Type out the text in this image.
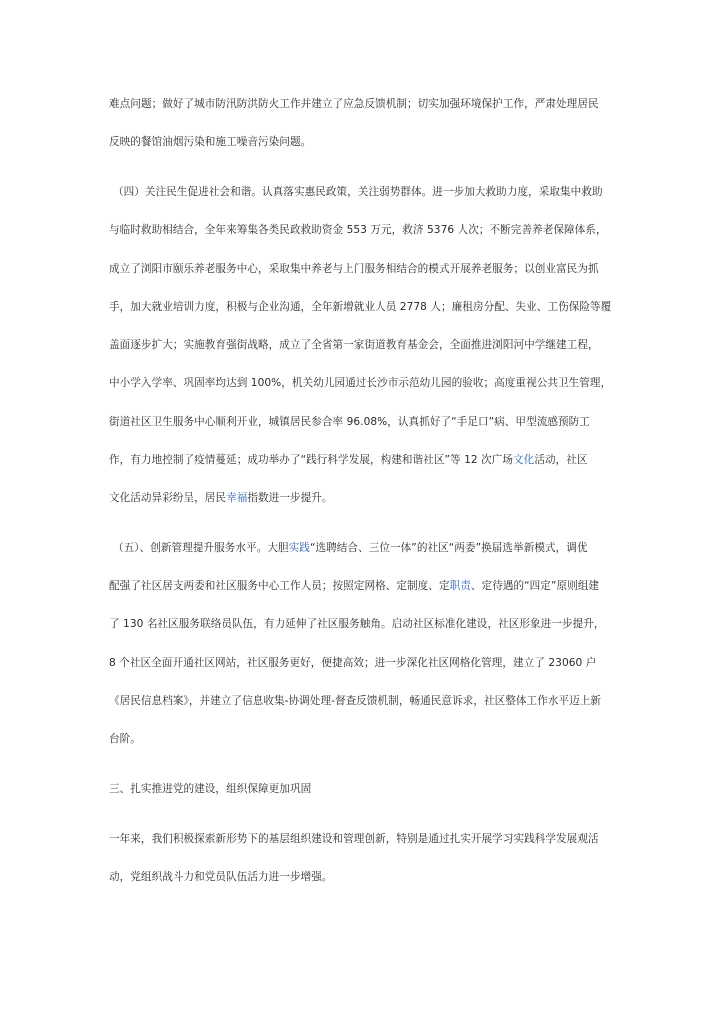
难点问题；做好了城市防汛防洪防火工作并建立了应急反馈机制；切实加强环境保护工作，严肃处理居民
反映的餐馆油烟污染和施工噪音污染问题。
（四）关注民生促进社会和谐。认真落实惠民政策，关注弱势群体。进一步加大救助力度，采取集中救助
与临时救助相结合，全年来筹集各类民政救助资金 553 万元，救济 5376 人次；不断完善养老保障体系，
成立了浏阳市颐乐养老服务中心，采取集中养老与上门服务相结合的模式开展养老服务；以创业富民为抓
手，加大就业培训力度，积极与企业沟通，全年新增就业人员 2778 人；廉租房分配、失业、工伤保险等覆
盖面逐步扩大；实施教育强街战略，成立了全省第一家街道教育基金会，全面推进浏阳河中学继建工程，
中小学入学率、巩固率均达到 100%，机关幼儿园通过长沙市示范幼儿园的验收；高度重视公共卫生管理，
街道社区卫生服务中心顺利开业，城镇居民参合率 96.08%，认真抓好了“手足口”病、甲型流感预防工
作，有力地控制了疫情蔓延；成功举办了“践行科学发展，构建和谐社区”等 12 次广场文化活动，社区
文化活动异彩纷呈，居民幸福指数进一步提升。
（五）、创新管理提升服务水平。大胆实践“选聘结合、三位一体”的社区“两委”换届选举新模式，调优
配强了社区居支两委和社区服务中心工作人员；按照定网格、定制度、定职责、定待遇的“四定”原则组建
了 130 名社区服务联络员队伍，有力延伸了社区服务触角。启动社区标准化建设，社区形象进一步提升，
8 个社区全面开通社区网站，社区服务更好，便捷高效；进一步深化社区网格化管理，建立了 23060 户
《居民信息档案》，并建立了信息收集-协调处理-督查反馈机制，畅通民意诉求，社区整体工作水平迈上新
台阶。
三、扎实推进党的建设，组织保障更加巩固
一年来，我们积极探索新形势下的基层组织建设和管理创新，特别是通过扎实开展学习实践科学发展观活
动，党组织战斗力和党员队伍活力进一步增强。
